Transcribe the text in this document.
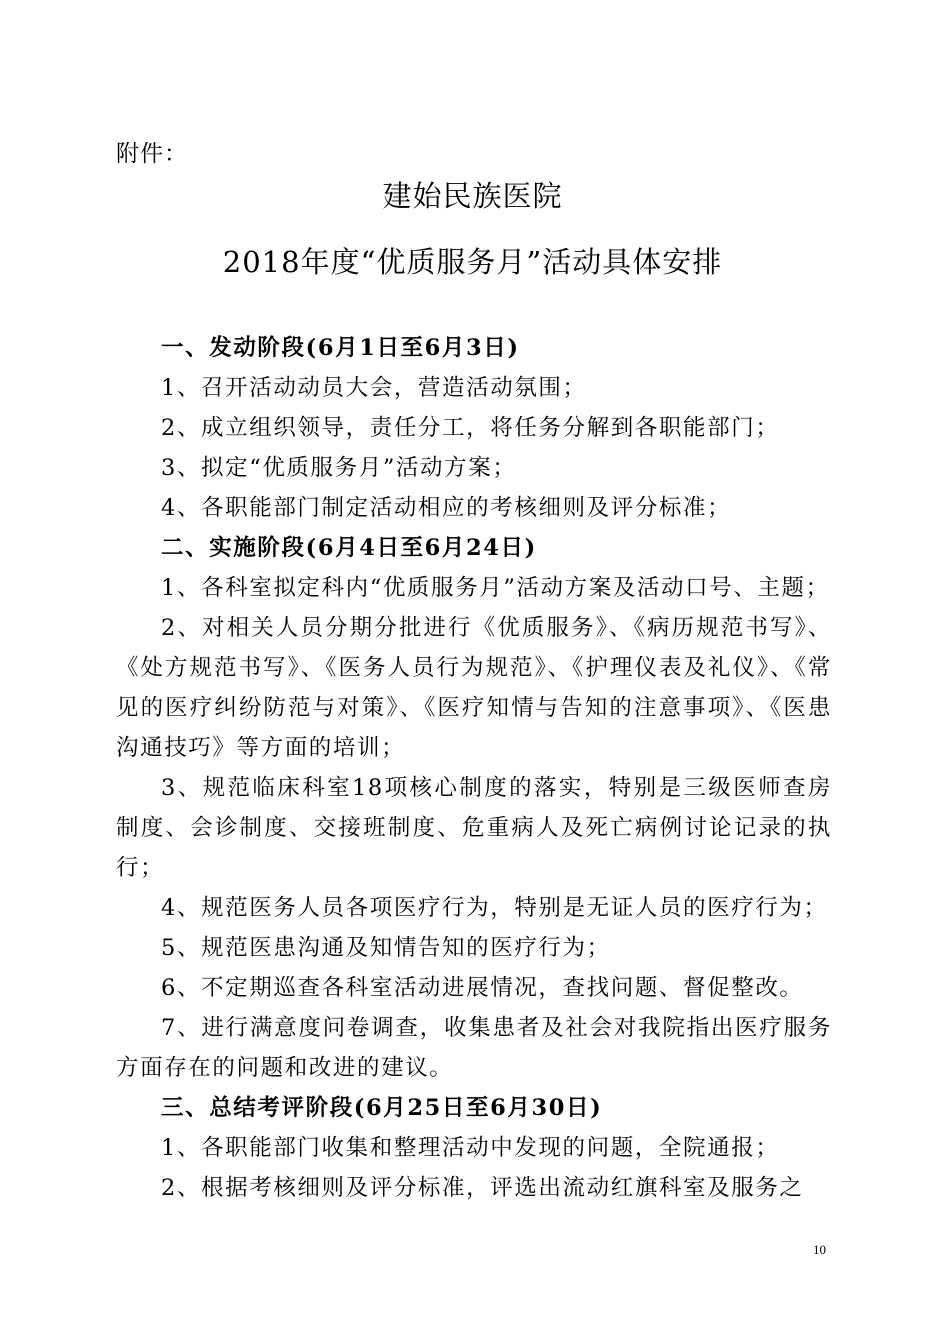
附件：
建始民族医院
2018年度“优质服务月”活动具体安排

一、发动阶段(6月1日至6月3日)

1、召开活动动员大会，营造活动氛围；

2、成立组织领导，责任分工，将任务分解到各职能部门；

3、拟定“优质服务月”活动方案；

4、各职能部门制定活动相应的考核细则及评分标准；

二、实施阶段(6月4日至6月24日)

1、各科室拟定科内“优质服务月”活动方案及活动口号、主题；

2、对相关人员分期分批进行《优质服务》、《病历规范书写》、《处方规范书写》、《医务人员行为规范》、《护理仪表及礼仪》、《常见的医疗纠纷防范与对策》、《医疗知情与告知的注意事项》、《医患沟通技巧》等方面的培训；

3、规范临床科室18项核心制度的落实，特别是三级医师查房制度、会诊制度、交接班制度、危重病人及死亡病例讨论记录的执行；

4、规范医务人员各项医疗行为，特别是无证人员的医疗行为；

5、规范医患沟通及知情告知的医疗行为；

6、不定期巡查各科室活动进展情况，查找问题、督促整改。

7、进行满意度问卷调查，收集患者及社会对我院指出医疗服务方面存在的问题和改进的建议。

三、总结考评阶段(6月25日至6月30日)

1、各职能部门收集和整理活动中发现的问题，全院通报；

2、根据考核细则及评分标准，评选出流动红旗科室及服务之

10
